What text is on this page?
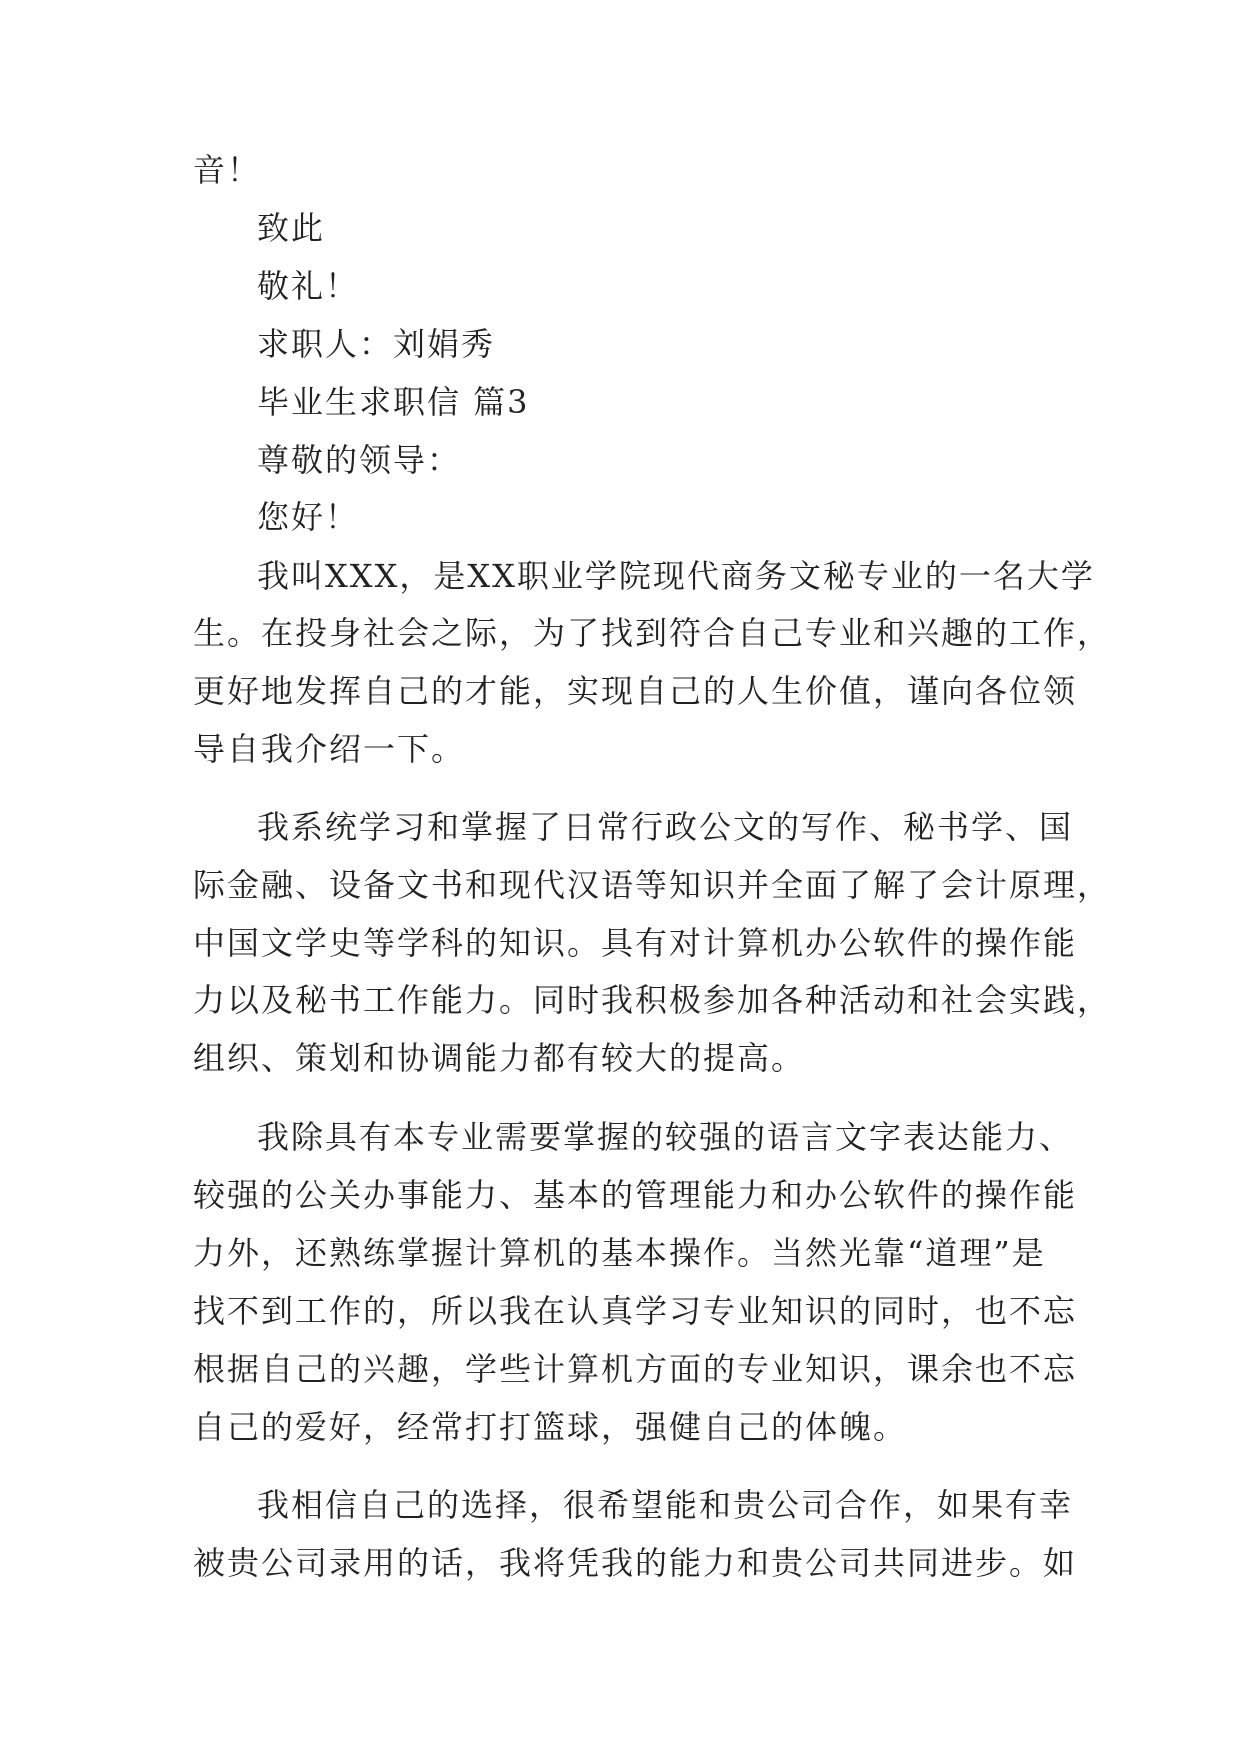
音！

致此

敬礼！

求职人：刘娟秀

毕业生求职信 篇3

尊敬的领导：

您好！

我叫XXX，是XX职业学院现代商务文秘专业的一名大学

生。在投身社会之际，为了找到符合自己专业和兴趣的工作，

更好地发挥自己的才能，实现自己的人生价值，谨向各位领

导自我介绍一下。

我系统学习和掌握了日常行政公文的写作、秘书学、国

际金融、设备文书和现代汉语等知识并全面了解了会计原理，

中国文学史等学科的知识。具有对计算机办公软件的操作能

力以及秘书工作能力。同时我积极参加各种活动和社会实践，

组织、策划和协调能力都有较大的提高。

我除具有本专业需要掌握的较强的语言文字表达能力、

较强的公关办事能力、基本的管理能力和办公软件的操作能

力外，还熟练掌握计算机的基本操作。当然光靠“道理”是

找不到工作的，所以我在认真学习专业知识的同时，也不忘

根据自己的兴趣，学些计算机方面的专业知识，课余也不忘

自己的爱好，经常打打篮球，强健自己的体魄。

我相信自己的选择，很希望能和贵公司合作，如果有幸

被贵公司录用的话，我将凭我的能力和贵公司共同进步。如
